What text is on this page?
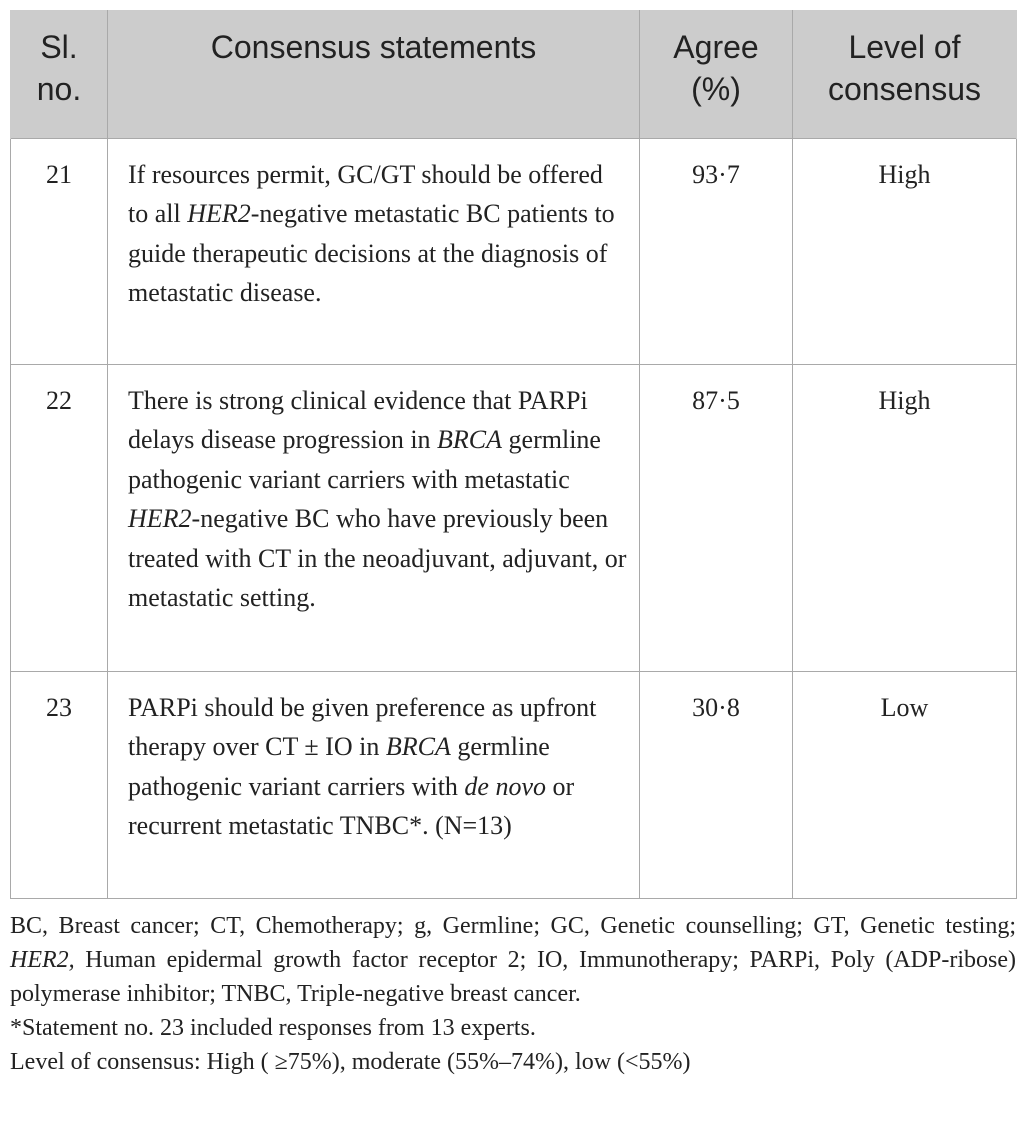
Sl. no.	Consensus statements	Agree (%)	Level of consensus
21	If resources permit, GC/GT should be offered to all HER2-negative metastatic BC patients to guide therapeutic decisions at the diagnosis of metastatic disease.	93·7	High
22	There is strong clinical evidence that PARPi delays disease progression in BRCA germline pathogenic variant carriers with metastatic HER2-negative BC who have previously been treated with CT in the neoadjuvant, adjuvant, or metastatic setting.	87·5	High
23	PARPi should be given preference as upfront therapy over CT ± IO in BRCA germline pathogenic variant carriers with de novo or recurrent metastatic TNBC*. (N=13)	30·8	Low

BC, Breast cancer; CT, Chemotherapy; g, Germline; GC, Genetic counselling; GT, Genetic testing; HER2, Human epidermal growth factor receptor 2; IO, Immunotherapy; PARPi, Poly (ADP-ribose) polymerase inhibitor; TNBC, Triple-negative breast cancer.

*Statement no. 23 included responses from 13 experts.

Level of consensus: High ( ≥75%), moderate (55%–74%), low (<55%)
